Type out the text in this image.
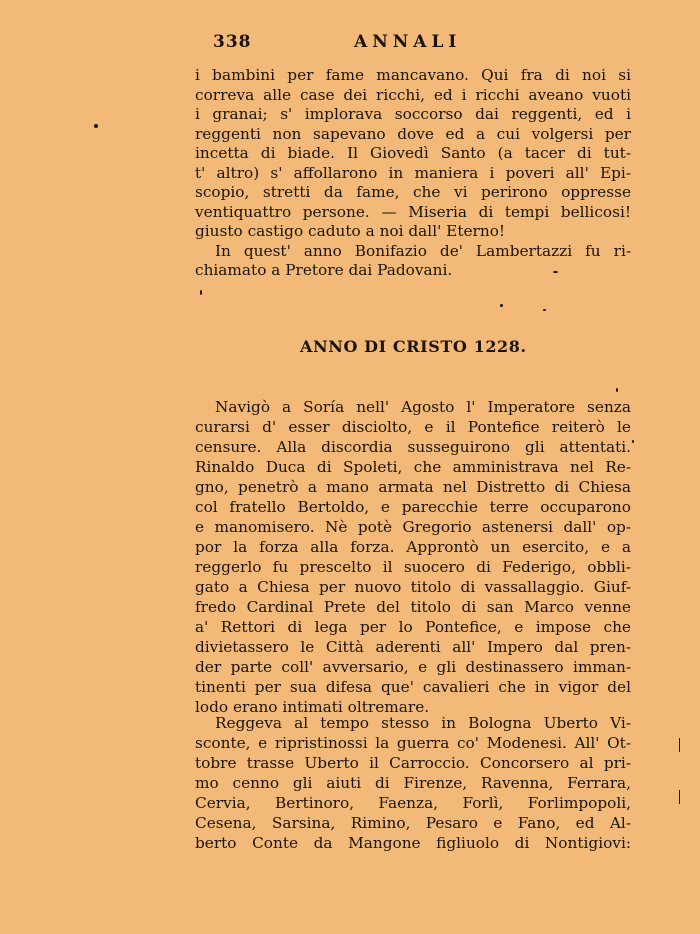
338	ANNALI
i bambini per fame mancavano. Qui fra di noi si
correva alle case dei ricchi, ed i ricchi aveano vuoti
i granai; s' implorava soccorso dai reggenti, ed i
reggenti non sapevano dove ed a cui volgersi per
incetta di biade. Il Giovedì Santo (a tacer di tut-
t' altro) s' affollarono in maniera i poveri all' Epi-
scopio, stretti da fame, che vi perirono oppresse
ventiquattro persone. — Miseria di tempi bellicosi!
giusto castigo caduto a noi dall' Eterno!
In quest' anno Bonifazio de' Lambertazzi fu ri-
chiamato a Pretore dai Padovani.
ANNO DI CRISTO 1228.
Navigò a Soría nell' Agosto l' Imperatore senza
curarsi d' esser disciolto, e il Pontefice reiterò le
censure. Alla discordia susseguirono gli attentati.
Rinaldo Duca di Spoleti, che amministrava nel Re-
gno, penetrò a mano armata nel Distretto di Chiesa
col fratello Bertoldo, e parecchie terre occuparono
e manomisero. Nè potè Gregorio astenersi dall' op-
por la forza alla forza. Approntò un esercito, e a
reggerlo fu prescelto il suocero di Federigo, obbli-
gato a Chiesa per nuovo titolo di vassallaggio. Giuf-
fredo Cardinal Prete del titolo di san Marco venne
a' Rettori di lega per lo Pontefice, e impose che
divietassero le Città aderenti all' Impero dal pren-
der parte coll' avversario, e gli destinassero imman-
tinenti per sua difesa que' cavalieri che in vigor del
lodo erano intimati oltremare.
Reggeva al tempo stesso in Bologna Uberto Vi-
sconte, e ripristinossi la guerra co' Modenesi. All' Ot-
tobre trasse Uberto il Carroccio. Concorsero al pri-
mo cenno gli aiuti di Firenze, Ravenna, Ferrara,
Cervia, Bertinoro, Faenza, Forlì, Forlimpopoli,
Cesena, Sarsina, Rimino, Pesaro e Fano, ed Al-
berto Conte da Mangone figliuolo di Nontigiovi:
